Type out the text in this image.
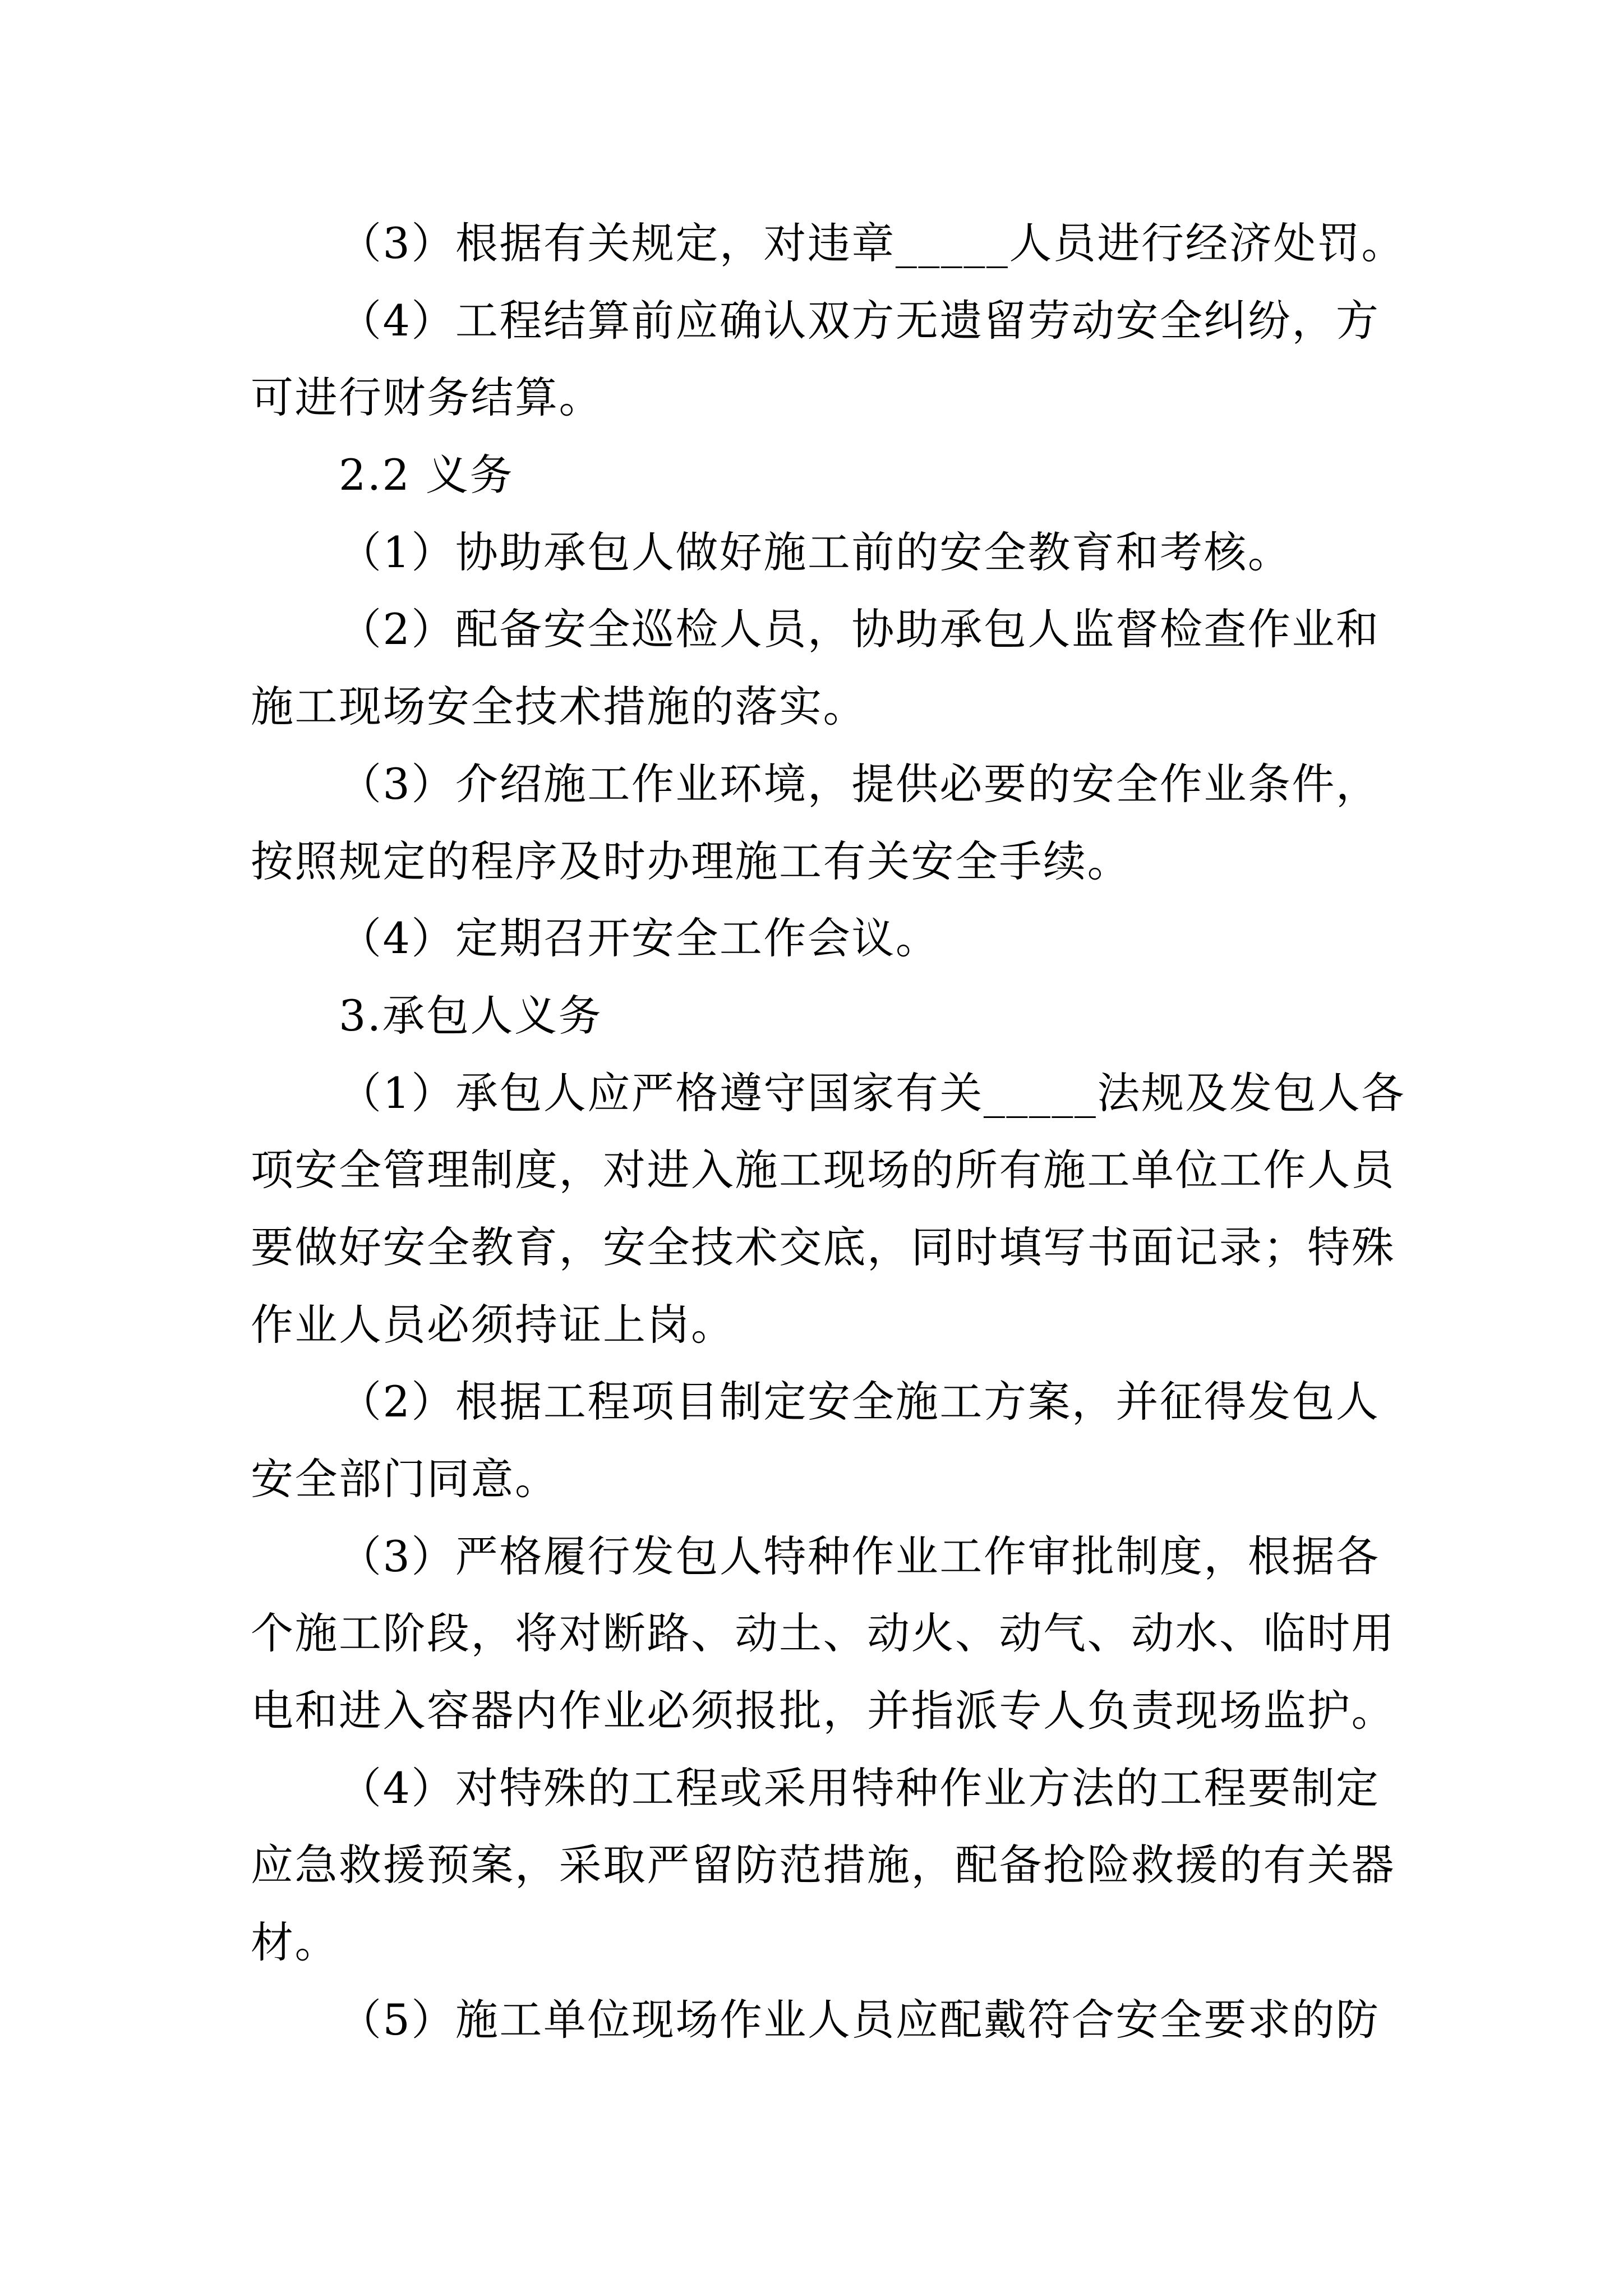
（3）根据有关规定，对违章_____人员进行经济处罚。
（4）工程结算前应确认双方无遗留劳动安全纠纷，方
可进行财务结算。
2.2 义务
（1）协助承包人做好施工前的安全教育和考核。
（2）配备安全巡检人员，协助承包人监督检查作业和
施工现场安全技术措施的落实。
（3）介绍施工作业环境，提供必要的安全作业条件，
按照规定的程序及时办理施工有关安全手续。
（4）定期召开安全工作会议。
3.承包人义务
（1）承包人应严格遵守国家有关_____法规及发包人各
项安全管理制度，对进入施工现场的所有施工单位工作人员
要做好安全教育，安全技术交底，同时填写书面记录；特殊
作业人员必须持证上岗。
（2）根据工程项目制定安全施工方案，并征得发包人
安全部门同意。
（3）严格履行发包人特种作业工作审批制度，根据各
个施工阶段，将对断路、动土、动火、动气、动水、临时用
电和进入容器内作业必须报批，并指派专人负责现场监护。
（4）对特殊的工程或采用特种作业方法的工程要制定
应急救援预案，采取严留防范措施，配备抢险救援的有关器
材。
（5）施工单位现场作业人员应配戴符合安全要求的防
